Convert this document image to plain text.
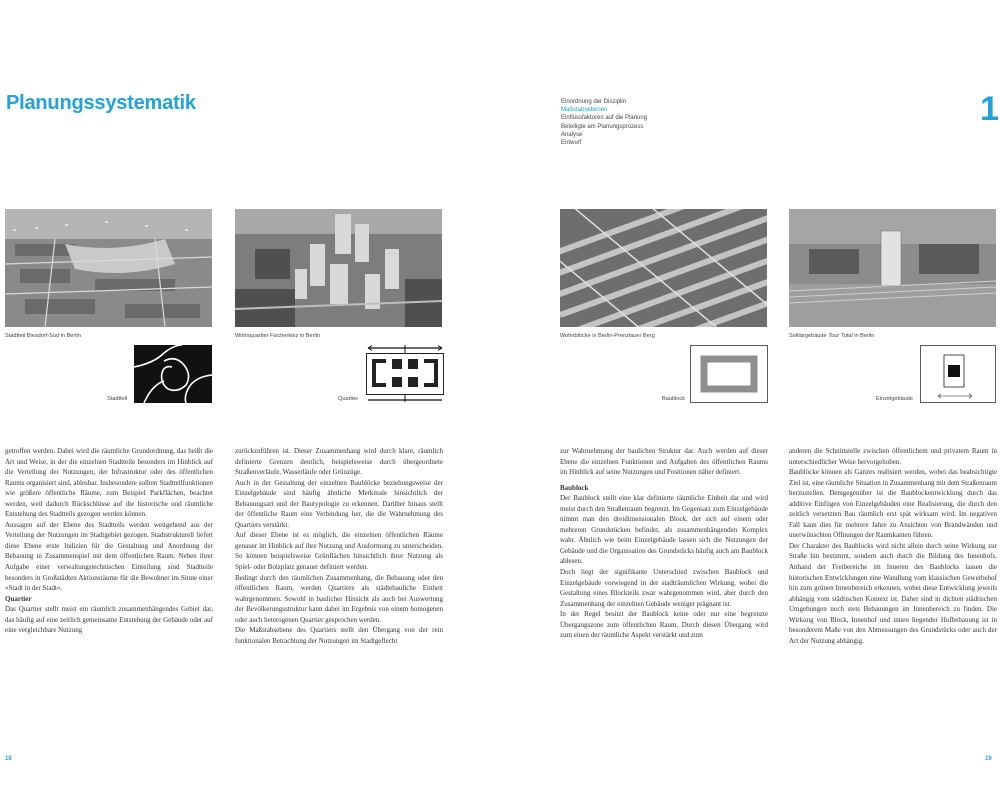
Planungssystematik	Einordnung der Disziplin
Maßstabsebenen
Einflussfaktoren auf die Planung
Beteiligte am Planungsprozess
Analyse
Entwurf
1
Stadtteil Biesdorf-Süd in Berlin	Wohnquartier Fischerkiez in Berlin	Wohnblöcke in Berlin-Prenzlauer Berg	Solitärgebäude Tour Total in Berlin
Stadtteil	Quartier	Baublock	Einzelgebäude

getroffen werden. Dabei wird die räumliche Grundordnung, das heißt die Art und Weise, in der die einzelnen Stadtteile besonders im Hinblick auf die Verteilung der Nutzungen, der Infrastruktur oder des öffentlichen Raums organisiert sind, ablesbar. Insbesondere sollten Stadtteilfunktionen wie größere öffentliche Räume, zum Beispiel Parkflächen, beachtet werden, weil dadurch Rückschlüsse auf die historische und räumliche Entstehung des Stadtteils gezogen werden können.

Aussagen auf der Ebene des Stadtteils werden weitgehend aus der Verteilung der Nutzungen im Stadtgebiet gezogen. Stadtstrukturell liefert diese Ebene erste Indizien für die Gestaltung und Anordnung der Bebauung in Zusammenspiel mit dem öffentlichen Raum. Neben ihrer Aufgabe einer verwaltungstechnischen Einteilung sind Stadtteile besonders in Großstädten Aktionsräume für die Bewohner im Sinne einer »Stadt in der Stadt«.

Quartier

Das Quartier stellt meist ein räumlich zusammenhängendes Gebiet dar, das häufig auf eine zeitlich gemeinsame Entstehung der Gebäude oder auf eine vergleichbare Nutzung

zurückzuführen ist. Dieser Zusammenhang wird durch klare, räumlich definierte Grenzen deutlich, beispielsweise durch übergeordnete Straßenverläufe, Wasserläufe oder Grünzüge.

Auch in der Gestaltung der einzelnen Baublöcke beziehungsweise der Einzelgebäude sind häufig ähnliche Merkmale hinsichtlich der Bebauungsart und der Bautypologie zu erkennen. Darüber hinaus stellt der öffentliche Raum eine Verbindung her, die die Wahrnehmung des Quartiers verstärkt.

Auf dieser Ebene ist es möglich, die einzelnen öffentlichen Räume genauer im Hinblick auf ihre Nutzung und Ausformung zu unterscheiden. So können beispielsweise Grünflächen hinsichtlich ihrer Nutzung als Spiel- oder Bolzplatz genauer definiert werden.

Bedingt durch den räumlichen Zusammenhang, die Bebauung oder den öffentlichen Raum, werden Quartiere als städtebauliche Einheit wahrgenommen. Sowohl in baulicher Hinsicht als auch bei Auswertung der Bevölkerungsstruktur kann dabei im Ergebnis von einem homogenen oder auch heterogenen Quartier gesprochen werden.

Die Maßstabsebene des Quartiers stellt den Übergang von der rein funktionalen Betrachtung der Nutzungen im Stadtgeflecht

zur Wahrnehmung der baulichen Struktur dar. Auch werden auf dieser Ebene die einzelnen Funktionen und Aufgaben des öffentlichen Raums im Hinblick auf seine Nutzungen und Positionen näher definiert.

Baublock

Der Baublock stellt eine klar definierte räumliche Einheit dar und wird meist durch den Straßenraum begrenzt. Im Gegensatz zum Einzelgebäude nimmt man den dreidimensionalen Block, der sich auf einem oder mehreren Grundstücken befindet, als zusammenhängenden Komplex wahr. Ähnlich wie beim Einzelgebäude lassen sich die Nutzungen der Gebäude und die Organisation des Grundstücks häufig auch am Baublock ablesen.

Doch liegt der signifikante Unterschied zwischen Baublock und Einzelgebäude vorwiegend in der stadträumlichen Wirkung, wobei die Gestaltung eines Blockteils zwar wahrgenommen wird, aber durch den Zusammenhang der einzelnen Gebäude weniger prägnant ist.

In der Regel besitzt der Baublock keine oder nur eine begrenzte Übergangszone zum öffentlichen Raum. Durch diesen Übergang wird zum einen der räumliche Aspekt verstärkt und zum

anderen die Schnittstelle zwischen öffentlichem und privatem Raum in unterschiedlicher Weise hervorgehoben.

Baublöcke können als Ganzes realisiert werden, wobei das beabsichtigte Ziel ist, eine räumliche Situation in Zusammenhang mit dem Straßenraum herzustellen. Demgegenüber ist die Baublockentwicklung durch das additive Einfügen von Einzelgebäuden eine Realisierung, die durch den zeitlich versetzten Bau räumlich erst spät wirksam wird. Im negativen Fall kann dies für mehrere Jahre zu Ansichten von Brandwänden und unerwünschten Öffnungen der Raumkanten führen.

Der Charakter des Baublocks wird nicht allein durch seine Wirkung zur Straße hin bestimmt, sondern auch durch die Bildung des Innenhofs. Anhand der Freibereiche im Inneren des Baublocks lassen die historischen Entwicklungen eine Wandlung vom klassischen Gewerbehof hin zum grünen Innenbereich erkennen, wobei diese Entwicklung jeweils abhängig vom städtischen Kontext ist. Daher sind in dichten städtischen Umgebungen noch stets Bebauungen im Innenbereich zu finden. Die Wirkung von Block, Innenhof und innen liegender Hofbebauung ist in besonderem Maße von den Abmessungen des Grundstücks oder auch der Art der Nutzung abhängig.

18	19
